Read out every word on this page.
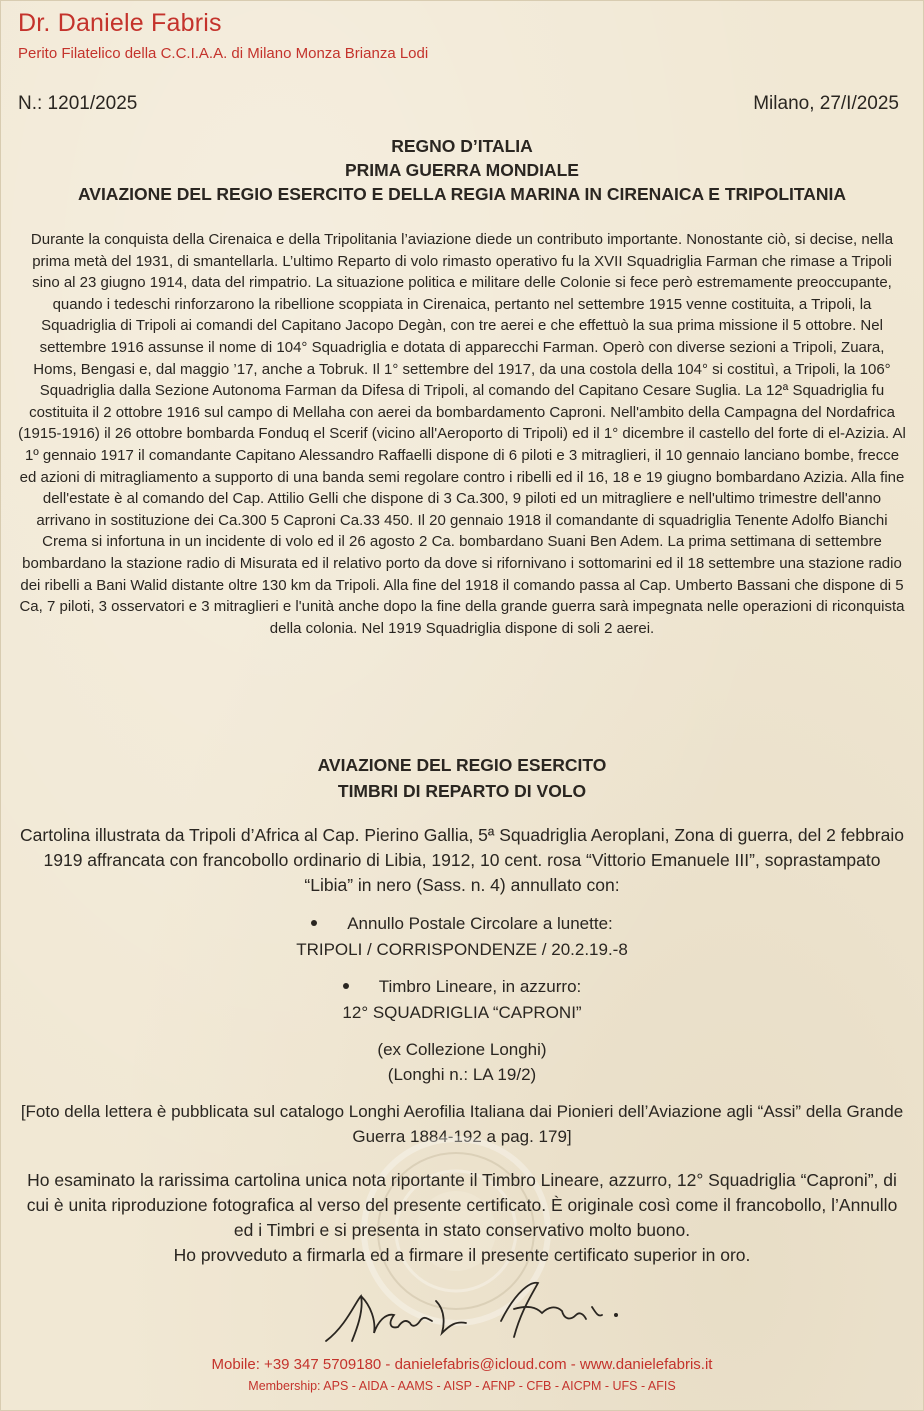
Dr. Daniele Fabris
Perito Filatelico della C.C.I.A.A. di Milano Monza Brianza Lodi
N.: 1201/2025	Milano, 27/I/2025
REGNO D’ITALIA
PRIMA GUERRA MONDIALE
AVIAZIONE DEL REGIO ESERCITO E DELLA REGIA MARINA IN CIRENAICA E TRIPOLITANIA
Durante la conquista della Cirenaica e della Tripolitania l’aviazione diede un contributo importante. Nonostante ciò, si decise, nella prima metà del 1931, di smantellarla. L’ultimo Reparto di volo rimasto operativo fu la XVII Squadriglia Farman che rimase a Tripoli sino al 23 giugno 1914, data del rimpatrio. La situazione politica e militare delle Colonie si fece però estremamente preoccupante, quando i tedeschi rinforzarono la ribellione scoppiata in Cirenaica, pertanto nel settembre 1915 venne costituita, a Tripoli, la Squadriglia di Tripoli ai comandi del Capitano Jacopo Degàn, con tre aerei e che effettuò la sua prima missione il 5 ottobre. Nel settembre 1916 assunse il nome di 104° Squadriglia e dotata di apparecchi Farman. Operò con diverse sezioni a Tripoli, Zuara, Homs, Bengasi e, dal maggio ’17, anche a Tobruk. Il 1° settembre del 1917, da una costola della 104° si costituì, a Tripoli, la 106° Squadriglia dalla Sezione Autonoma Farman da Difesa di Tripoli, al comando del Capitano Cesare Suglia. La 12ª Squadriglia fu costituita il 2 ottobre 1916 sul campo di Mellaha con aerei da bombardamento Caproni. Nell'ambito della Campagna del Nordafrica (1915-1916) il 26 ottobre bombarda Fonduq el Scerif (vicino all'Aeroporto di Tripoli) ed il 1° dicembre il castello del forte di el-Azizia. Al 1º gennaio 1917 il comandante Capitano Alessandro Raffaelli dispone di 6 piloti e 3 mitraglieri, il 10 gennaio lanciano bombe, frecce ed azioni di mitragliamento a supporto di una banda semi regolare contro i ribelli ed il 16, 18 e 19 giugno bombardano Azizia. Alla fine dell'estate è al comando del Cap. Attilio Gelli che dispone di 3 Ca.300, 9 piloti ed un mitragliere e nell'ultimo trimestre dell'anno arrivano in sostituzione dei Ca.300 5 Caproni Ca.33 450. Il 20 gennaio 1918 il comandante di squadriglia Tenente Adolfo Bianchi Crema si infortuna in un incidente di volo ed il 26 agosto 2 Ca. bombardano Suani Ben Adem. La prima settimana di settembre bombardano la stazione radio di Misurata ed il relativo porto da dove si rifornivano i sottomarini ed il 18 settembre una stazione radio dei ribelli a Bani Walid distante oltre 130 km da Tripoli. Alla fine del 1918 il comando passa al Cap. Umberto Bassani che dispone di 5 Ca, 7 piloti, 3 osservatori e 3 mitraglieri e l'unità anche dopo la fine della grande guerra sarà impegnata nelle operazioni di riconquista della colonia. Nel 1919 Squadriglia dispone di soli 2 aerei.
AVIAZIONE DEL REGIO ESERCITO
TIMBRI DI REPARTO DI VOLO
Cartolina illustrata da Tripoli d’Africa al Cap. Pierino Gallia, 5ª Squadriglia Aeroplani, Zona di guerra, del 2 febbraio 1919 affrancata con francobollo ordinario di Libia, 1912, 10 cent. rosa “Vittorio Emanuele III”, soprastampato “Libia” in nero (Sass. n. 4) annullato con:
Annullo Postale Circolare a lunette:
TRIPOLI / CORRISPONDENZE / 20.2.19.-8
Timbro Lineare, in azzurro:
12° SQUADRIGLIA “CAPRONI”
(ex Collezione Longhi)
(Longhi n.: LA 19/2)
[Foto della lettera è pubblicata sul catalogo Longhi Aerofilia Italiana dai Pionieri dell’Aviazione agli “Assi” della Grande Guerra 1884-192 a pag. 179]
Ho esaminato la rarissima cartolina unica nota riportante il Timbro Lineare, azzurro, 12° Squadriglia “Caproni”, di cui è unita riproduzione fotografica al verso del presente certificato. È originale così come il francobollo, l’Annullo ed i Timbri e si presenta in stato conservativo molto buono.
Ho provveduto a firmarla ed a firmare il presente certificato superior in oro.
Mobile: +39 347 5709180 - danielefabris@icloud.com - www.danielefabris.it
Membership: APS - AIDA - AAMS - AISP - AFNP - CFB - AICPM - UFS - AFIS
